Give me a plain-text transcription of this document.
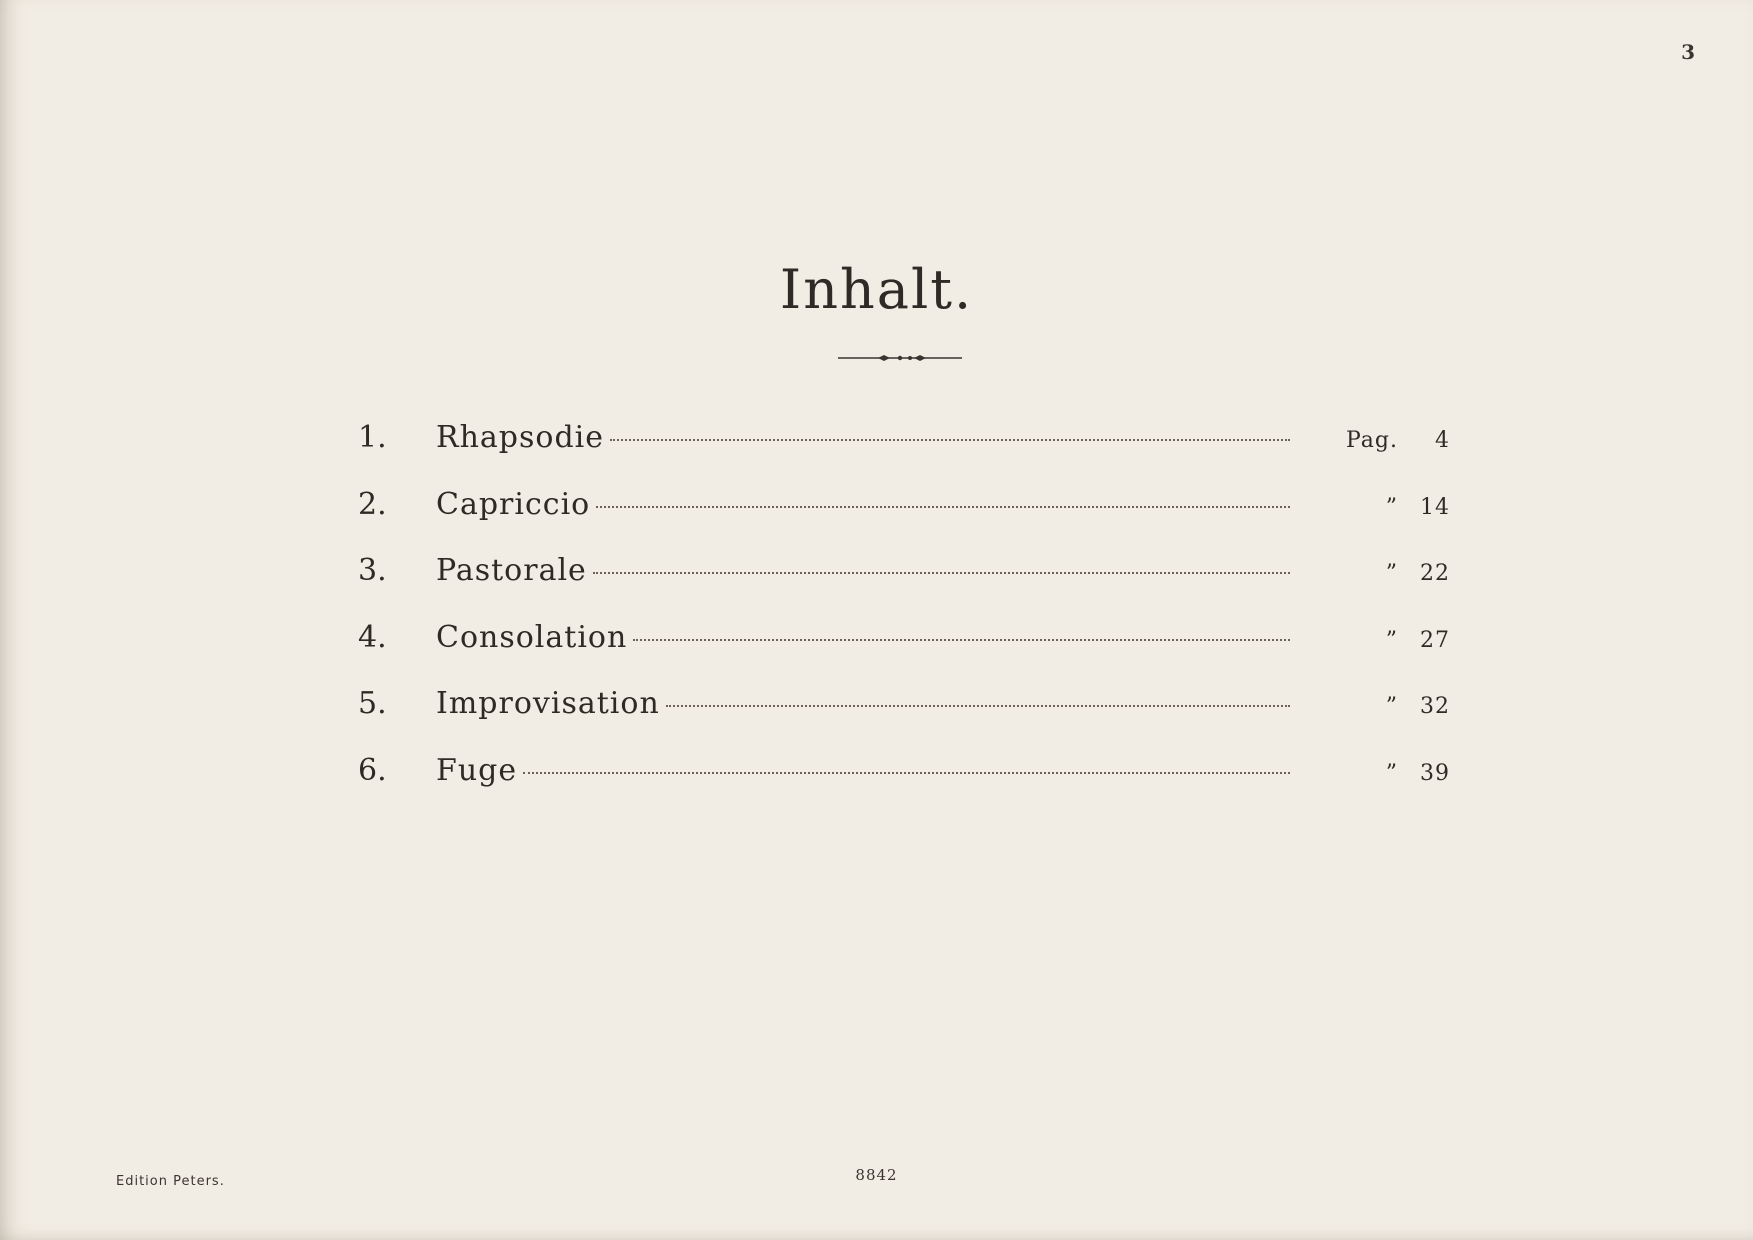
3
Inhalt.
1.	Rhapsodie	Pag.	4
2.	Capriccio	”	14
3.	Pastorale	”	22
4.	Consolation	”	27
5.	Improvisation	”	32
6.	Fuge	”	39
Edition Peters.	8842
